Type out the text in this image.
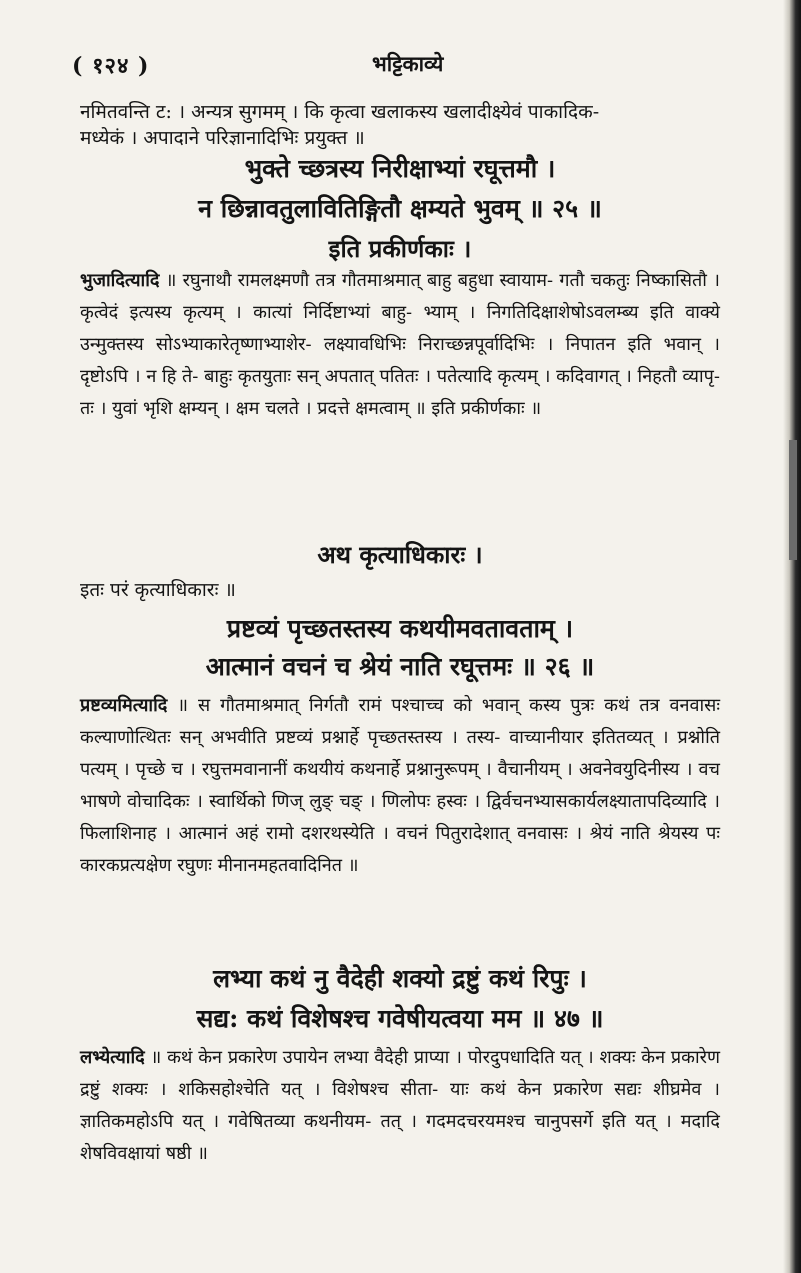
( १२४ )	भट्टिकाव्ये
नमितवन्ति ट: । अन्यत्र सुगमम् । कि कृत्वा खलाकस्य खलादीक्ष्येवं पाकादिक-
मध्येकं । अपादाने परिज्ञानादिभिः प्रयुक्त ॥
भुक्ते च्छत्रस्य निरीक्षाभ्यां रघूत्तमौ ।
न छिन्नावतुलावितिङ्गितौ क्षम्यते भुवम् ॥ २५ ॥
इति प्रकीर्णकाः ।
भुजादित्यादि ॥ रघुनाथौ रामलक्ष्मणौ तत्र गौतमाश्रमात् बाहु बहुधा स्वायाम- गतौ चकतुः निष्कासितौ । कृत्वेदं इत्यस्य कृत्यम् । कात्यां निर्दिष्टाभ्यां बाहु- भ्याम् । निगतिदिक्षाशेषोऽवलम्ब्य इति वाक्ये उन्मुक्तस्य सोऽभ्याकारेतृष्णाभ्याशेर- लक्ष्यावधिभिः निराच्छन्नपूर्वादिभिः । निपातन इति भवान् । दृष्टोऽपि । न हि ते- बाहुः कृतयुताः सन् अपतात् पतितः । पतेत्यादि कृत्यम् । कदिवागत् । निहतौ व्यापृ- तः । युवां भृशि क्षम्यन् । क्षम चलते । प्रदत्ते क्षमत्वाम् ॥ इति प्रकीर्णकाः ॥
अथ कृत्याधिकारः ।
इतः परं कृत्याधिकारः ॥
प्रष्टव्यं पृच्छतस्तस्य कथयीमवतावताम् ।
आत्मानं वचनं च श्रेयं नाति रघूत्तमः ॥ २६ ॥
प्रष्टव्यमित्यादि ॥ स गौतमाश्रमात् निर्गतौ रामं पश्चाच्च को भवान् कस्य पुत्रः कथं तत्र वनवासः कल्याणोत्थितः सन् अभवीति प्रष्टव्यं प्रश्नार्हे पृच्छतस्तस्य । तस्य- वाच्यानीयार इतितव्यत् । प्रश्नोति पत्यम् । पृच्छे च । रघुत्तमवानानीं कथयीयं कथनार्हे प्रश्नानुरूपम् । वैचानीयम् । अवनेवयुदिनीस्य । वच भाषणे वोचादिकः । स्वार्थिको णिज् लुङ् चङ् । णिलोपः हस्वः । द्विर्वचनभ्यासकार्यलक्ष्यातापदिव्यादि । फिलाशिनाह । आत्मानं अहं रामो दशरथस्येति । वचनं पितुरादेशात् वनवासः । श्रेयं नाति श्रेयस्य पः कारकप्रत्यक्षेण रघुणः मीनानमहतवादिनित ॥
लभ्या कथं नु वैदेही शक्यो द्रष्टुं कथं रिपुः ।
सद्य: कथं विशेषश्च गवेषीयत्वया मम ॥ ४७ ॥
लभ्येत्यादि ॥ कथं केन प्रकारेण उपायेन लभ्या वैदेही प्राप्या । पोरदुपधादिति यत् । शक्यः केन प्रकारेण द्रष्टुं शक्यः । शकिसहोश्चेति यत् । विशेषश्च सीता- याः कथं केन प्रकारेण सद्यः शीघ्रमेव । ज्ञातिकमहोऽपि यत् । गवेषितव्या कथनीयम- तत् । गदमदचरयमश्च चानुपसर्गे इति यत् । मदादि शेषविवक्षायां षष्ठी ॥
